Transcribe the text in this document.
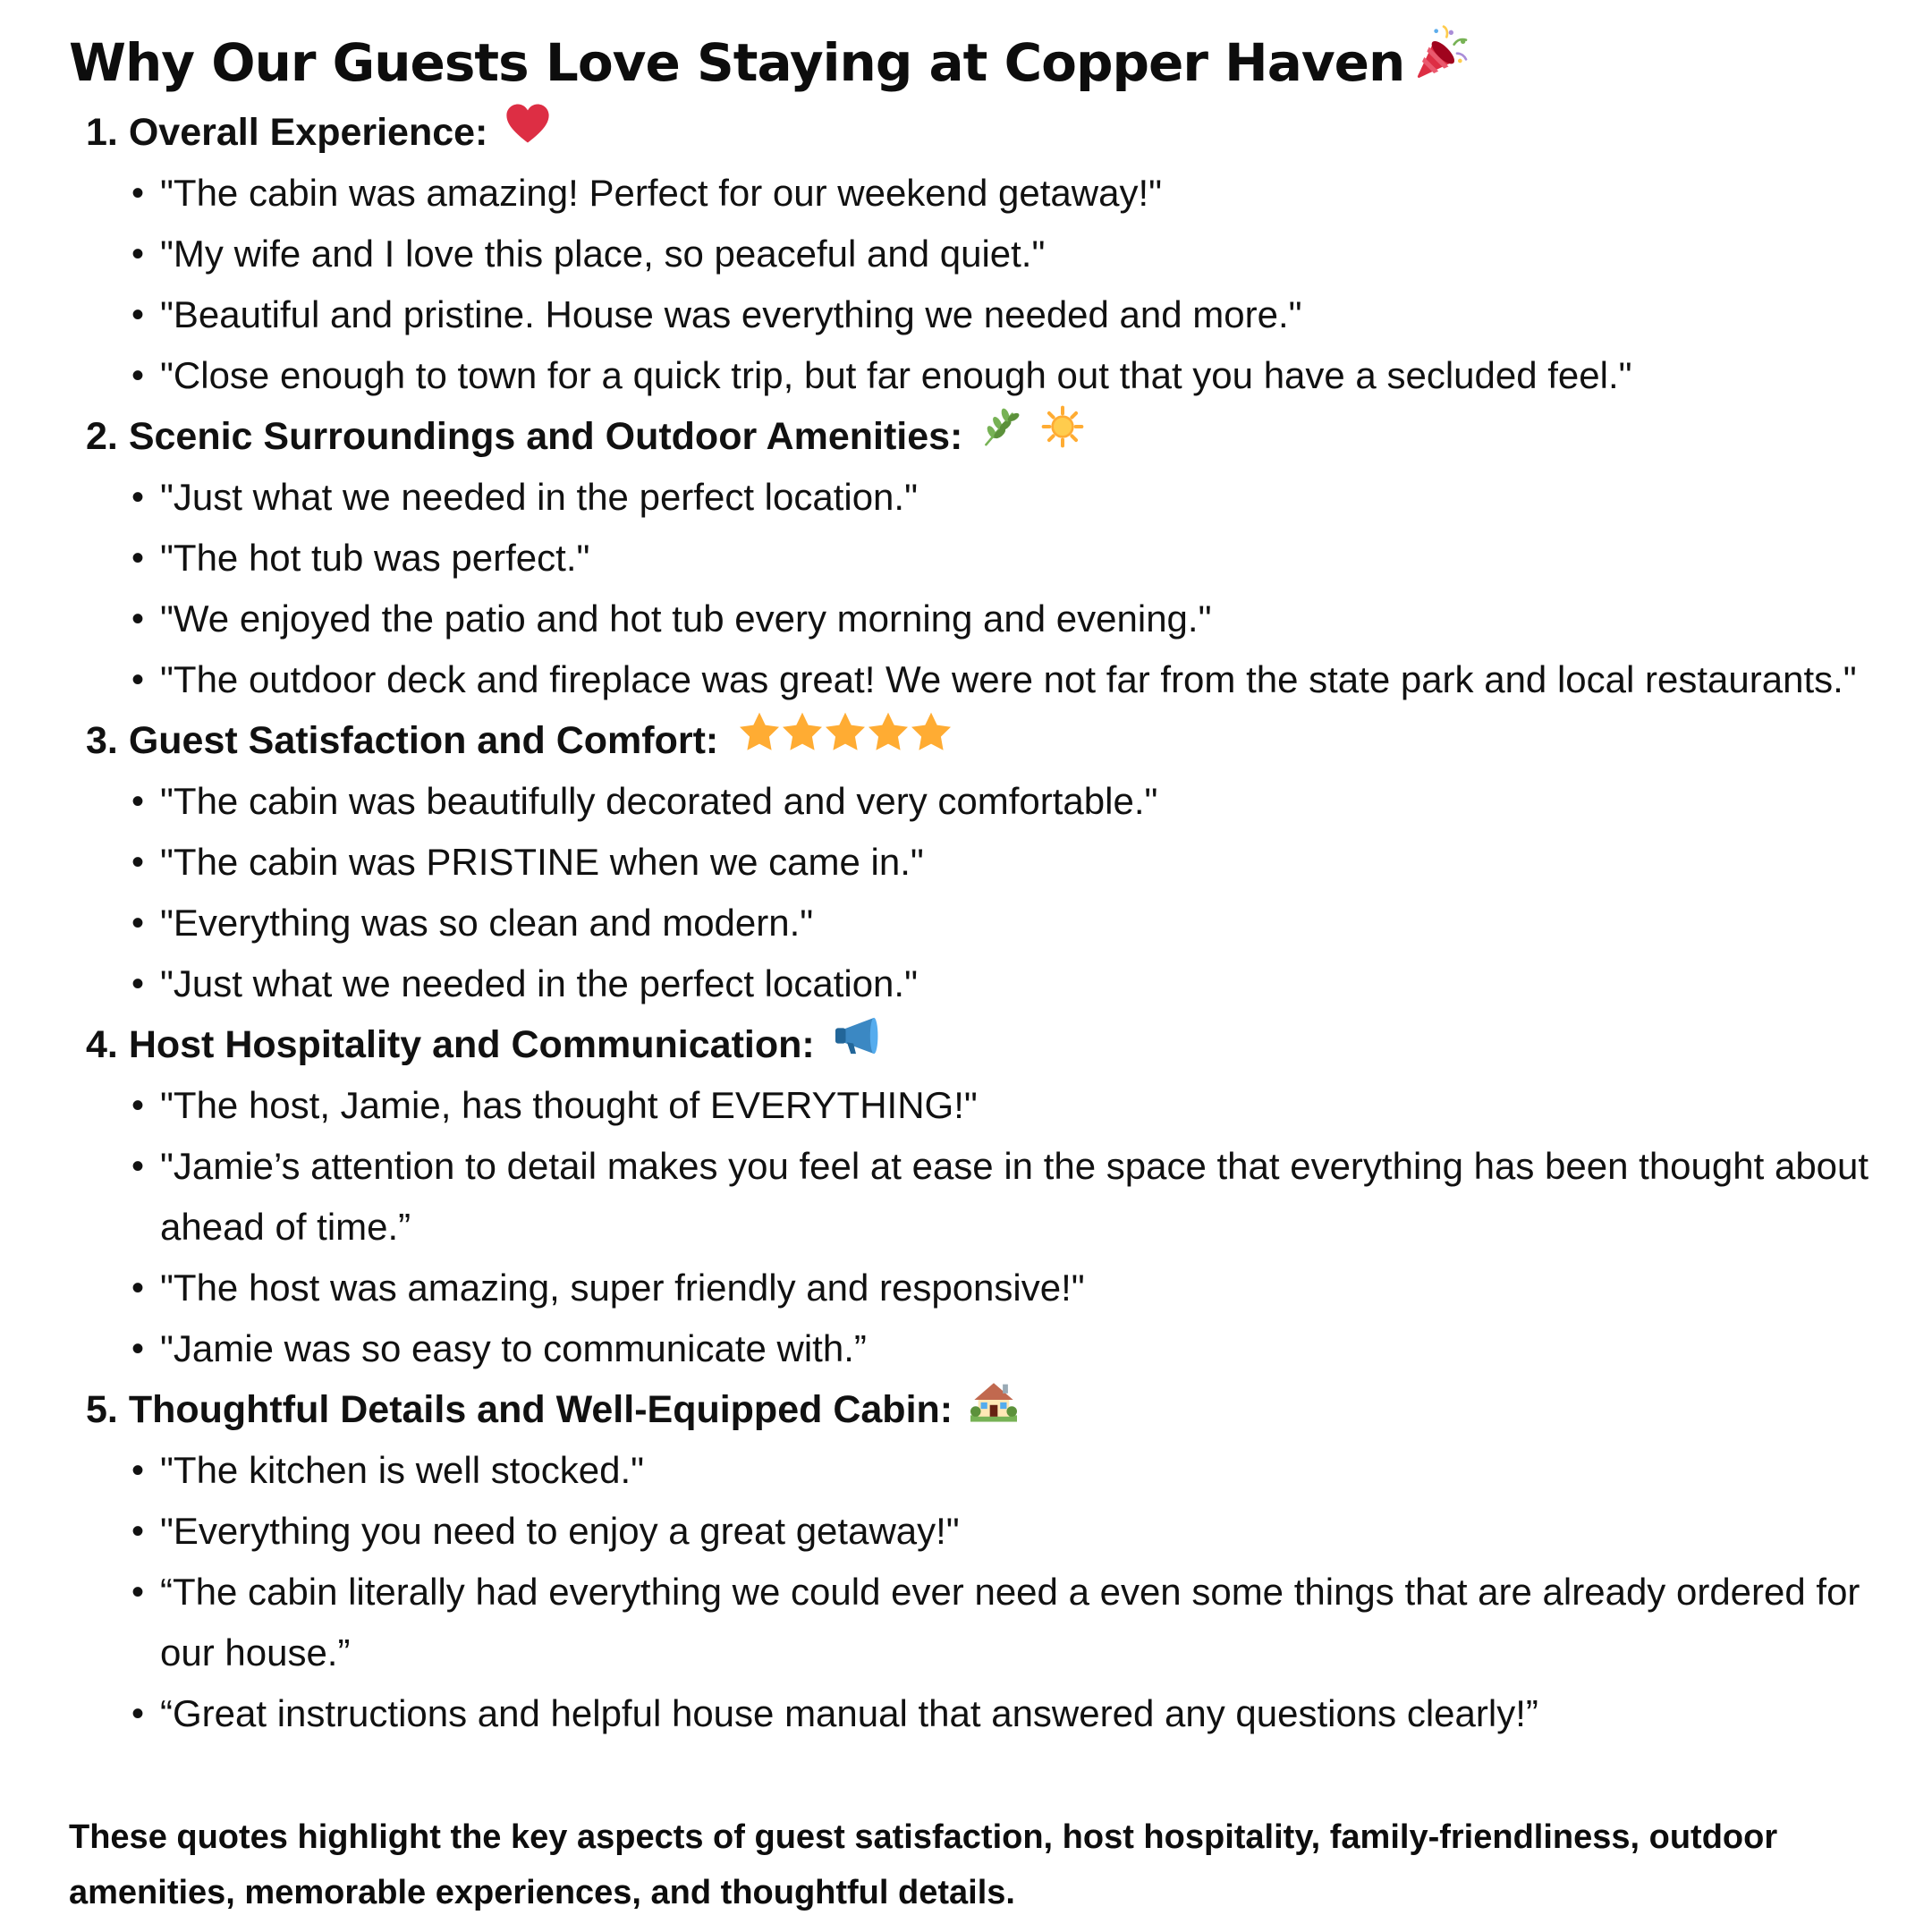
Why Our Guests Love Staying at Copper Haven
1. Overall Experience:
• "The cabin was amazing! Perfect for our weekend getaway!"
• "My wife and I love this place, so peaceful and quiet."
• "Beautiful and pristine. House was everything we needed and more."
• "Close enough to town for a quick trip, but far enough out that you have a secluded feel."
2. Scenic Surroundings and Outdoor Amenities:
• "Just what we needed in the perfect location."
• "The hot tub was perfect."
• "We enjoyed the patio and hot tub every morning and evening."
• "The outdoor deck and fireplace was great! We were not far from the state park and local restaurants."
3. Guest Satisfaction and Comfort:
• "The cabin was beautifully decorated and very comfortable."
• "The cabin was PRISTINE when we came in."
• "Everything was so clean and modern."
• "Just what we needed in the perfect location."
4. Host Hospitality and Communication:
• "The host, Jamie, has thought of EVERYTHING!"
• "Jamie’s attention to detail makes you feel at ease in the space that everything has been thought about ahead of time.”
• "The host was amazing, super friendly and responsive!"
• "Jamie was so easy to communicate with.”
5. Thoughtful Details and Well-Equipped Cabin:
• "The kitchen is well stocked."
• "Everything you need to enjoy a great getaway!"
• “The cabin literally had everything we could ever need a even some things that are already ordered for our house.”
• “Great instructions and helpful house manual that answered any questions clearly!”

These quotes highlight the key aspects of guest satisfaction, host hospitality, family-friendliness, outdoor amenities, memorable experiences, and thoughtful details.
